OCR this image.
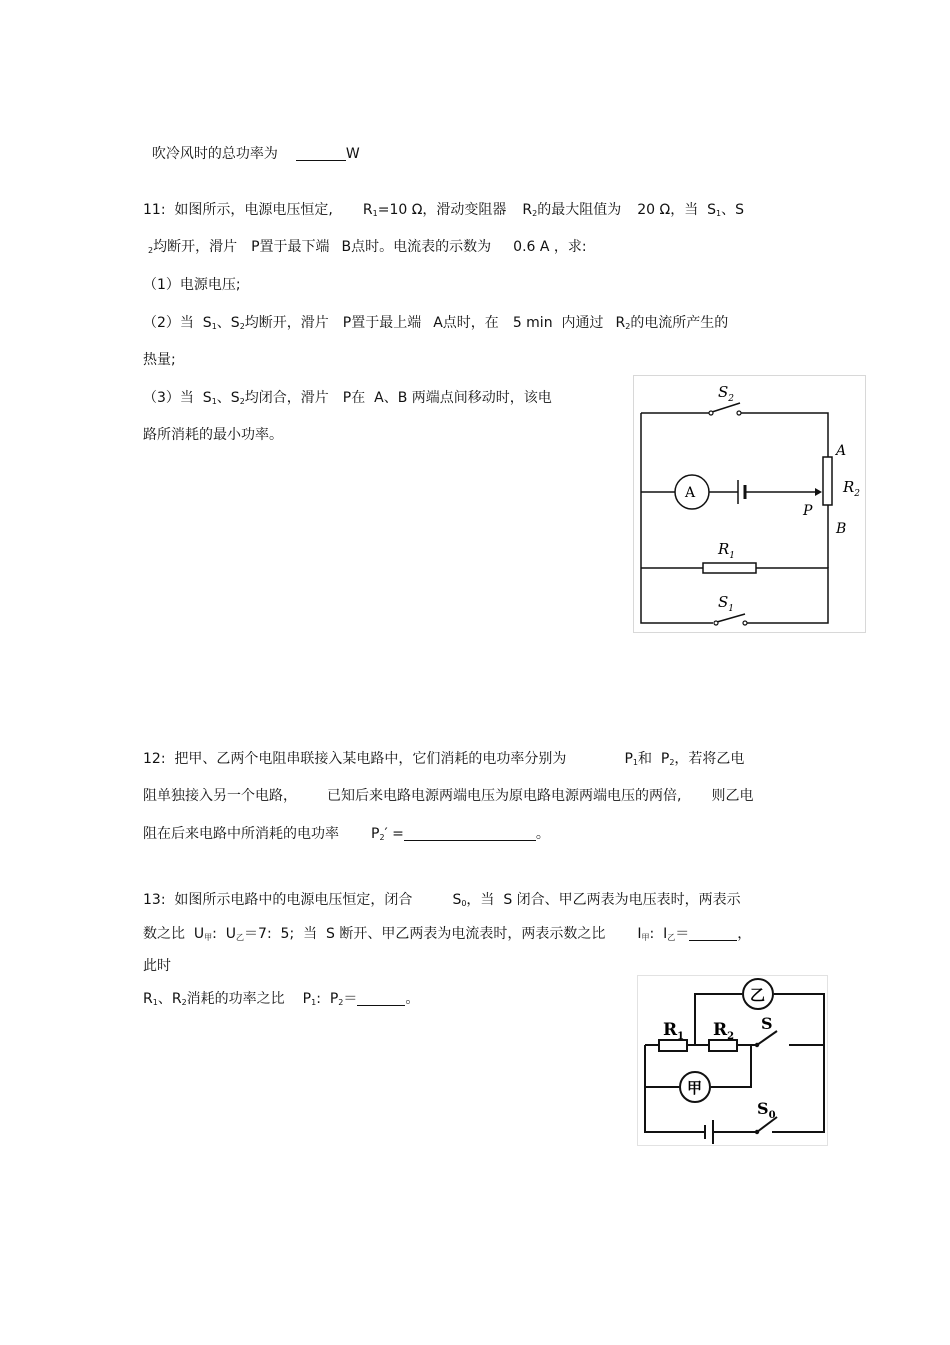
吹冷风时的总功率为	W

11:  如图所示，电源电压恒定, $R_1=10$ Ω，滑动变阻器 $R_2$的最大阻值为 20 Ω，当  $S_1$、S
$_2$均断开，滑片 P置于最下端 B点时。电流表的示数为 0.6 A ，求:
（1）电源电压;
（2）当  $S_1$、$S_2$均断开，滑片 P置于最上端 A点时，在 5 min  内通过 $R_2$的电流所产生的
热量;
（3）当  $S_1$、$S_2$均闭合，滑片 P在  A、B 两端点间移动时，该电
路所消耗的最小功率。
A
$S_2$
$S_1$
$R_1$
$R_2$
A
B
P
12:  把甲、乙两个电阻串联接入某电路中，它们消耗的电功率分别为	$P_1$和  $P_2$，若将乙电
阻单独接入另一个电路， 已知后来电路电源两端电压为原电路电源两端电压的两倍, 则乙电
阻在后来电路中所消耗的电功率 $P_2'$ =	。
13:  如图所示电路中的电源电压恒定，闭合	$S_0$，当  S 闭合、甲乙两表为电压表时，两表示
数之比  $U_甲$:  $U_乙=7$:  5;  当  S 断开、甲乙两表为电流表时，两表示数之比 $I_甲$:  $I_乙=$	，
此时
$R_1$、$R_2$消耗的功率之比 $P_1$:  $P_2=$	。	乙
甲
$R_1$ $R_2$
S
$S_0$
